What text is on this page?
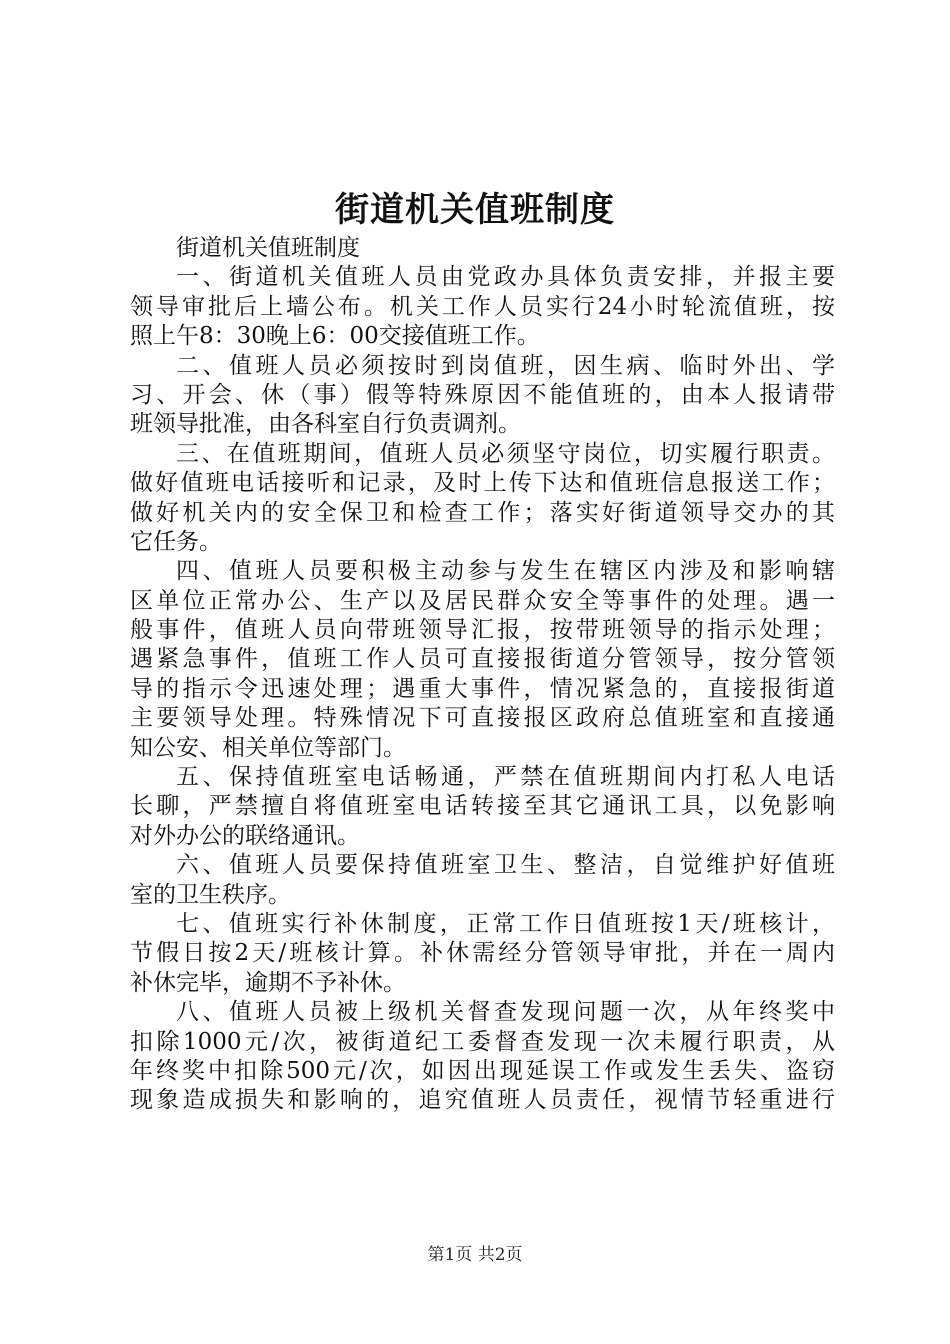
街道机关值班制度
街道机关值班制度
一、街道机关值班人员由党政办具体负责安排，并报主要
领导审批后上墙公布。机关工作人员实行24小时轮流值班，按
照上午8：30晚上6：00交接值班工作。
二、值班人员必须按时到岗值班，因生病、临时外出、学
习、开会、休（事）假等特殊原因不能值班的，由本人报请带
班领导批准，由各科室自行负责调剂。
三、在值班期间，值班人员必须坚守岗位，切实履行职责。
做好值班电话接听和记录，及时上传下达和值班信息报送工作；
做好机关内的安全保卫和检查工作；落实好街道领导交办的其
它任务。
四、值班人员要积极主动参与发生在辖区内涉及和影响辖
区单位正常办公、生产以及居民群众安全等事件的处理。遇一
般事件，值班人员向带班领导汇报，按带班领导的指示处理；
遇紧急事件，值班工作人员可直接报街道分管领导，按分管领
导的指示令迅速处理；遇重大事件，情况紧急的，直接报街道
主要领导处理。特殊情况下可直接报区政府总值班室和直接通
知公安、相关单位等部门。
五、保持值班室电话畅通，严禁在值班期间内打私人电话
长聊，严禁擅自将值班室电话转接至其它通讯工具，以免影响
对外办公的联络通讯。
六、值班人员要保持值班室卫生、整洁，自觉维护好值班
室的卫生秩序。
七、值班实行补休制度，正常工作日值班按1天/班核计，
节假日按2天/班核计算。补休需经分管领导审批，并在一周内
补休完毕，逾期不予补休。
八、值班人员被上级机关督查发现问题一次，从年终奖中
扣除1000元/次，被街道纪工委督查发现一次未履行职责，从
年终奖中扣除500元/次，如因出现延误工作或发生丢失、盗窃
现象造成损失和影响的，追究值班人员责任，视情节轻重进行
第1页 共2页
